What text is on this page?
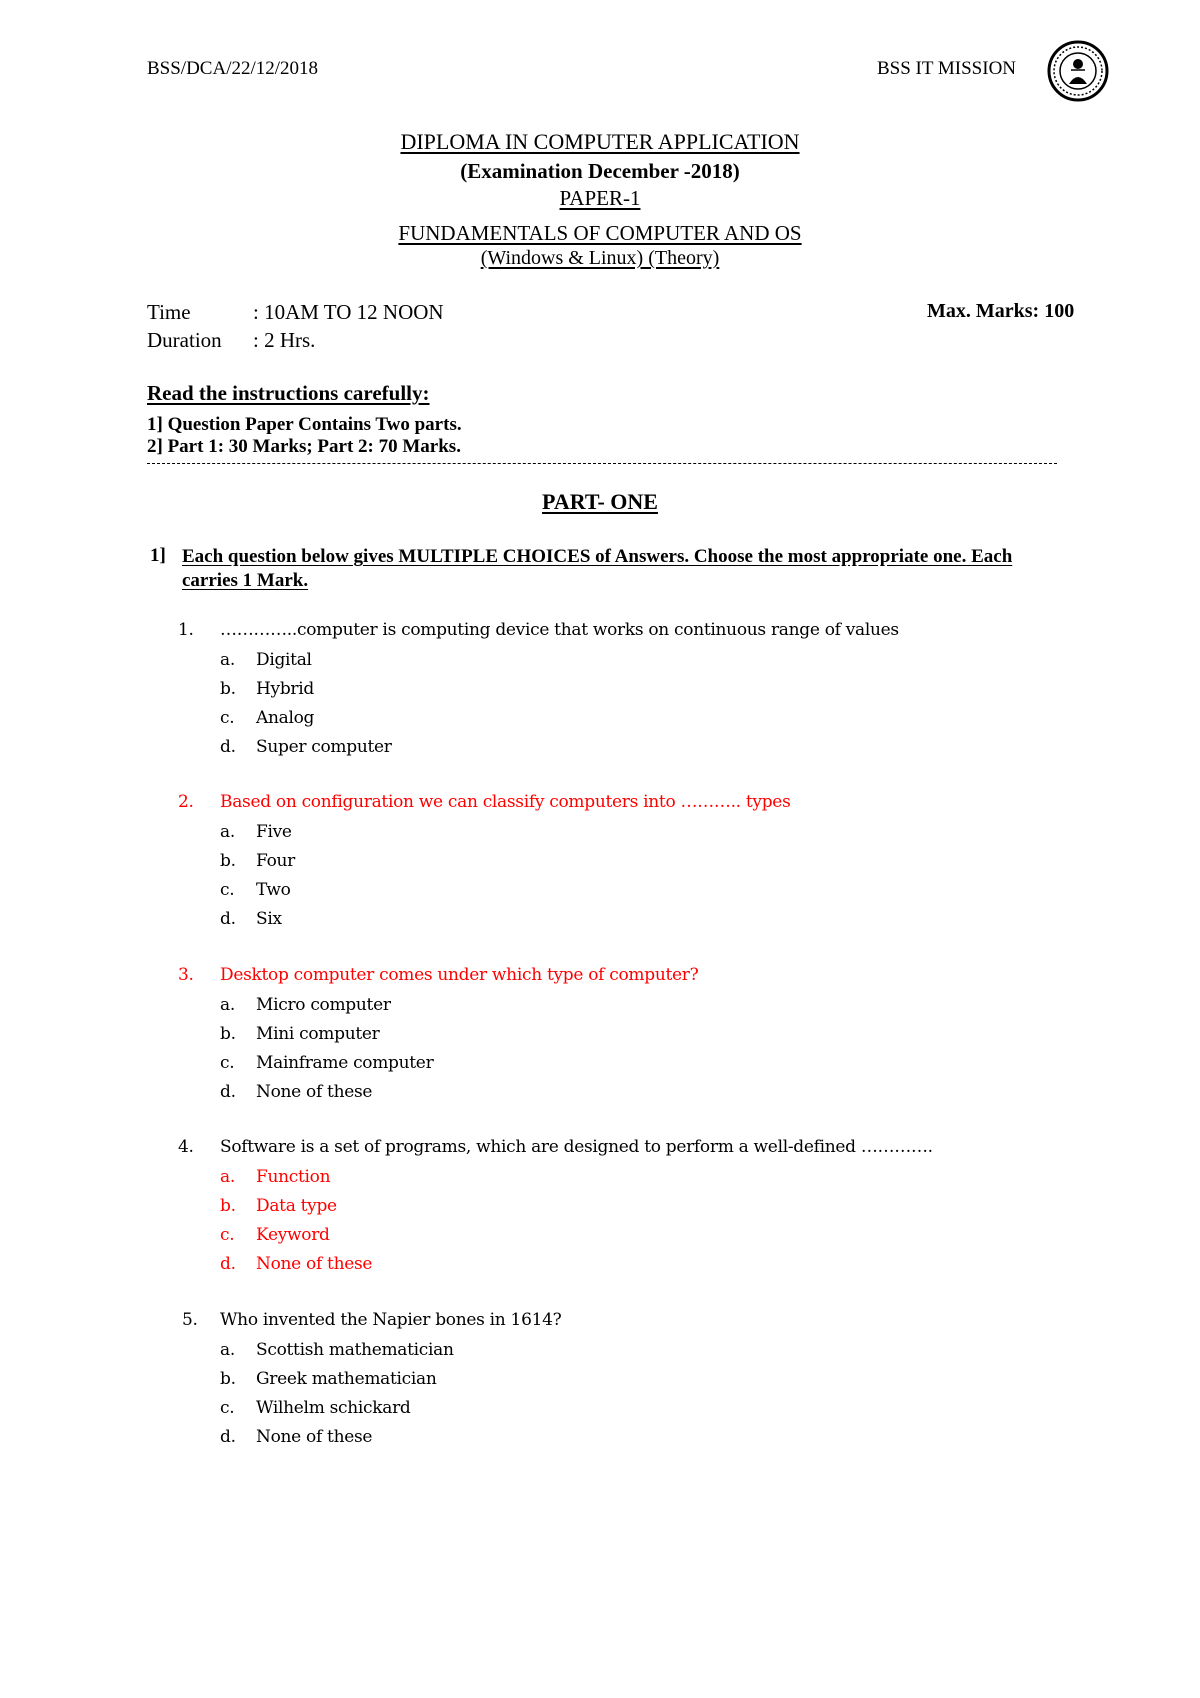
BSS/DCA/22/12/2018	BSS IT MISSION
DIPLOMA IN COMPUTER APPLICATION
(Examination December -2018)
PAPER-1
FUNDAMENTALS OF COMPUTER AND OS
(Windows & Linux) (Theory)
Time	: 10AM TO 12 NOON
Duration : 2 Hrs.
Max. Marks: 100
Read the instructions carefully:
1] Question Paper Contains Two parts.
2] Part 1: 30 Marks; Part 2: 70 Marks.
PART- ONE
1] Each question below gives MULTIPLE CHOICES of Answers. Choose the most appropriate one. Each carries 1 Mark.
1. …………..computer is computing device that works on continuous range of values
a. Digital
b. Hybrid
c. Analog
d. Super computer
2. Based on configuration we can classify computers into ……….. types
a. Five
b. Four
c. Two
d. Six
3. Desktop computer comes under which type of computer?
a. Micro computer
b. Mini computer
c. Mainframe computer
d. None of these
4. Software is a set of programs, which are designed to perform a well-defined ………….
a. Function
b. Data type
c. Keyword
d. None of these
5. Who invented the Napier bones in 1614?
a. Scottish mathematician
b. Greek mathematician
c. Wilhelm schickard
d. None of these
